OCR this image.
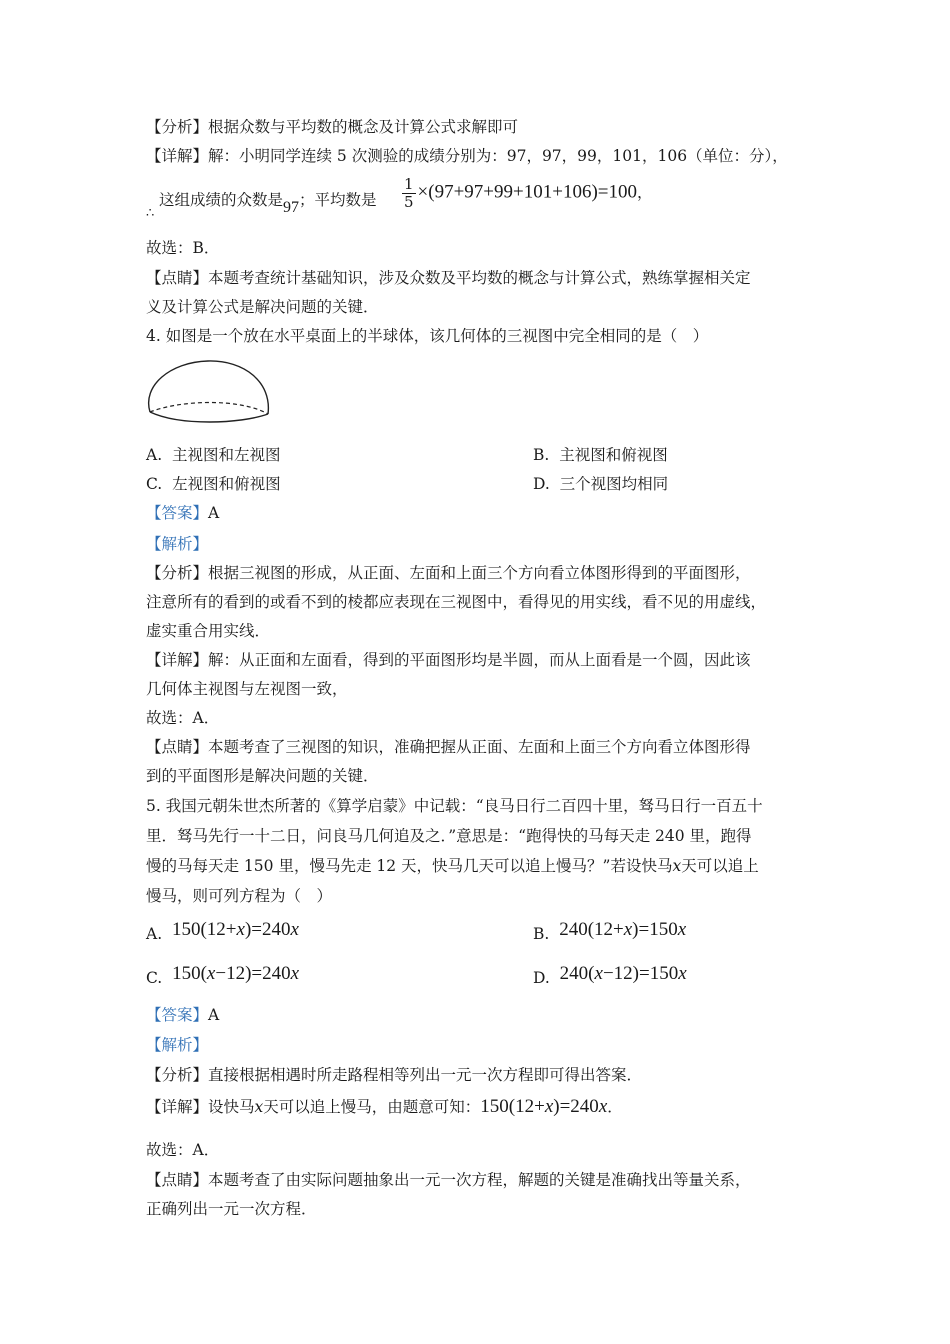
【分析】根据众数与平均数的概念及计算公式求解即可
【详解】解：小明同学连续 5 次测验的成绩分别为：97，97，99，101，106（单位：分），
∴
这组成绩的众数是97；平均数是 $\frac{1}{5} \times(97+97+99+101+106)=100$，
故选：B．
【点睛】本题考查统计基础知识，涉及众数及平均数的概念与计算公式，熟练掌握相关定
义及计算公式是解决问题的关键．
4. 如图是一个放在水平桌面上的半球体，该几何体的三视图中完全相同的是（　）
A. 主视图和左视图	B. 主视图和俯视图
C. 左视图和俯视图	D. 三个视图均相同
【答案】A
【解析】
【分析】根据三视图的形成，从正面、左面和上面三个方向看立体图形得到的平面图形，
注意所有的看到的或看不到的棱都应表现在三视图中，看得见的用实线，看不见的用虚线，
虚实重合用实线．
【详解】解：从正面和左面看，得到的平面图形均是半圆，而从上面看是一个圆，因此该
几何体主视图与左视图一致，
故选：A．
【点睛】本题考查了三视图的知识，准确把握从正面、左面和上面三个方向看立体图形得
到的平面图形是解决问题的关键．
5. 我国元朝朱世杰所著的《算学启蒙》中记载：“良马日行二百四十里，驽马日行一百五十
里．驽马先行一十二日，问良马几何追及之．”意思是：“跑得快的马每天走 240 里，跑得
慢的马每天走 150 里，慢马先走 12 天，快马几天可以追上慢马？”若设快马x天可以追上
慢马，则可列方程为（　）
A. 150(12+x)=240x	B. 240(12+x)=150x
C. 150(x−12)=240x	D. 240(x−12)=150x
【答案】A
【解析】
【分析】直接根据相遇时所走路程相等列出一元一次方程即可得出答案．
【详解】设快马x天可以追上慢马，由题意可知：150(12+x)=240x．
故选：A．
【点睛】本题考查了由实际问题抽象出一元一次方程，解题的关键是准确找出等量关系，
正确列出一元一次方程．
